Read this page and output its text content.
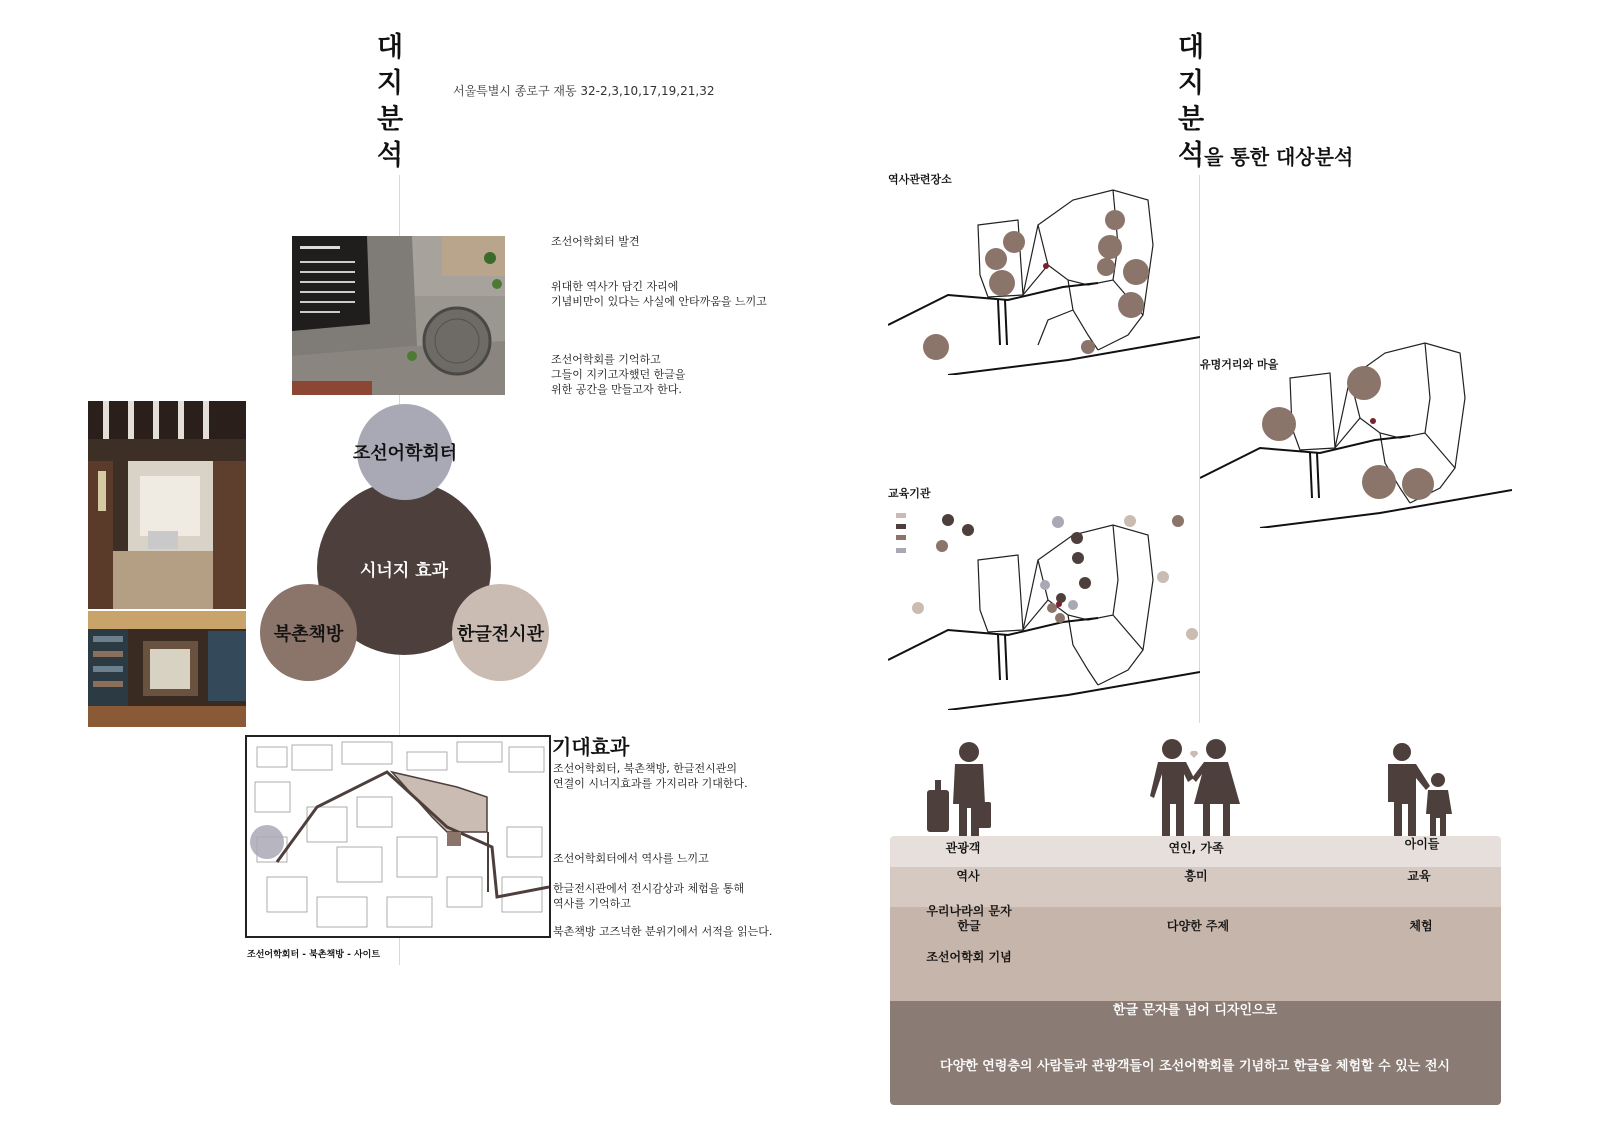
대
지
분
석
서울특별시 종로구 재동 32-2,3,10,17,19,21,32
조선어학회터 발견
위대한 역사가 담긴 자리에
기념비만이 있다는 사실에 안타까움을 느끼고
조선어학회를 기억하고
그들이 지키고자했던 한글을
위한 공간을 만들고자 한다.
시너지 효과
조선어학회터
북촌책방	한글전시관
조선어학회터 - 북촌책방 - 사이트
기대효과
조선어학회터, 북촌책방, 한글전시관의
연결이 시너지효과를 가지리라 기대한다.
조선어학회터에서 역사를 느끼고
한글전시관에서 전시감상과 체험을 통해
역사를 기억하고
북촌책방 고즈넉한 분위기에서 서적을 읽는다.
대
지
분
석을 통한 대상분석
역사관련장소
유명거리와 마을
교육기관
관광객	연인, 가족	아이들
역사	흥미	교육
우리나라의 문자
한글	다양한 주제	체험
조선어학회 기념
한글 문자를 넘어 디자인으로
다양한 연령층의 사람들과 관광객들이 조선어학회를 기념하고 한글을 체험할 수 있는 전시
